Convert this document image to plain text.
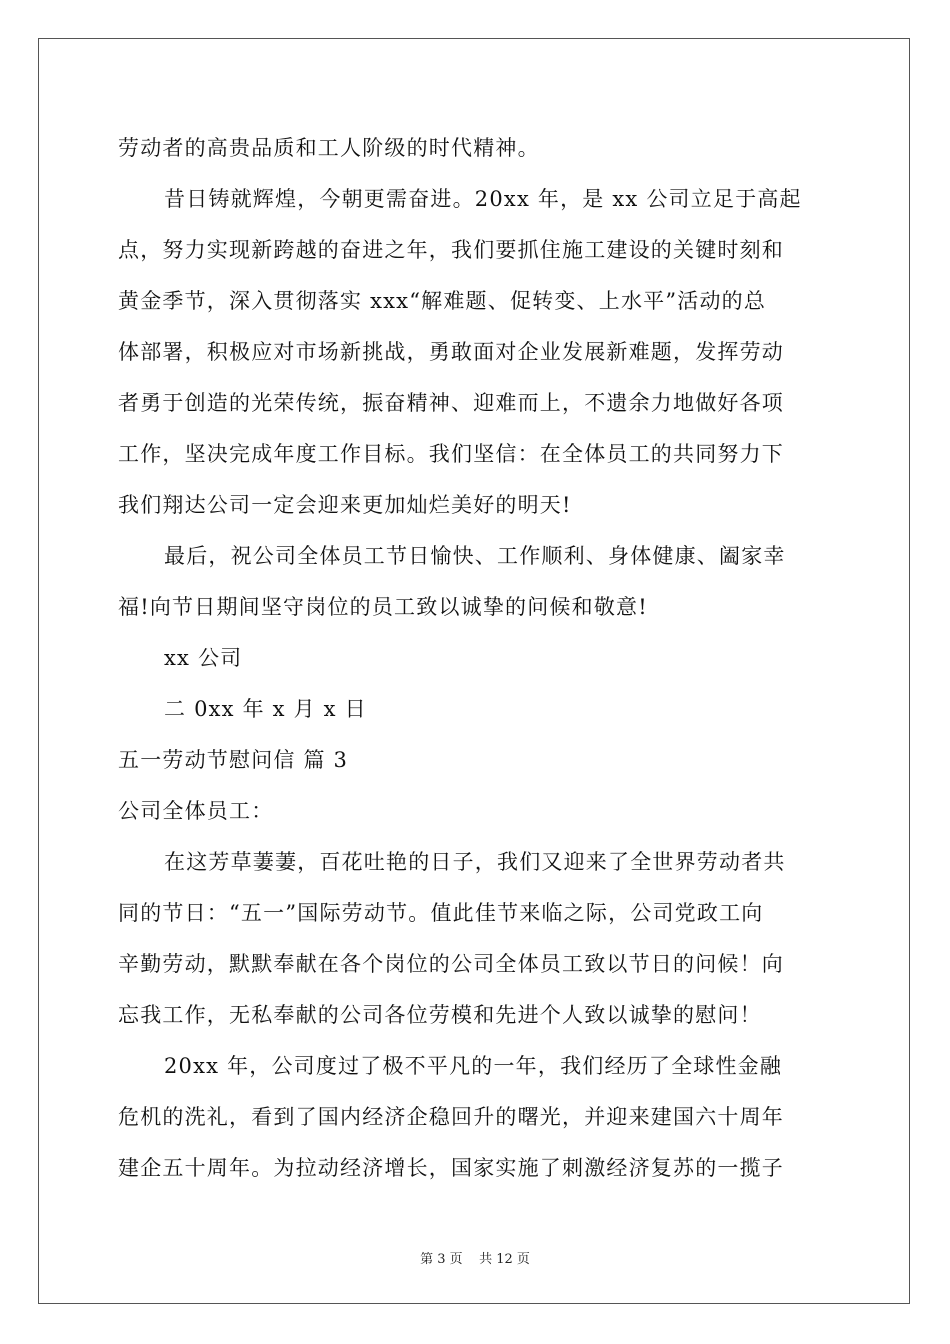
劳动者的高贵品质和工人阶级的时代精神。
昔日铸就辉煌，今朝更需奋进。20xx 年，是 xx 公司立足于高起
点，努力实现新跨越的奋进之年，我们要抓住施工建设的关键时刻和
黄金季节，深入贯彻落实 xxx“解难题、促转变、上水平”活动的总
体部署，积极应对市场新挑战，勇敢面对企业发展新难题，发挥劳动
者勇于创造的光荣传统，振奋精神、迎难而上，不遗余力地做好各项
工作，坚决完成年度工作目标。我们坚信：在全体员工的共同努力下
我们翔达公司一定会迎来更加灿烂美好的明天!
最后，祝公司全体员工节日愉快、工作顺利、身体健康、阖家幸
福!向节日期间坚守岗位的员工致以诚挚的问候和敬意!
xx 公司
二 0xx 年 x 月 x 日
五一劳动节慰问信 篇 3
公司全体员工：
在这芳草萋萋，百花吐艳的日子，我们又迎来了全世界劳动者共
同的节日：“五一”国际劳动节。值此佳节来临之际，公司党政工向
辛勤劳动，默默奉献在各个岗位的公司全体员工致以节日的问候！向
忘我工作，无私奉献的公司各位劳模和先进个人致以诚挚的慰问！
20xx 年，公司度过了极不平凡的一年，我们经历了全球性金融
危机的洗礼，看到了国内经济企稳回升的曙光，并迎来建国六十周年
建企五十周年。为拉动经济增长，国家实施了刺激经济复苏的一揽子
第 3 页    共 12 页
